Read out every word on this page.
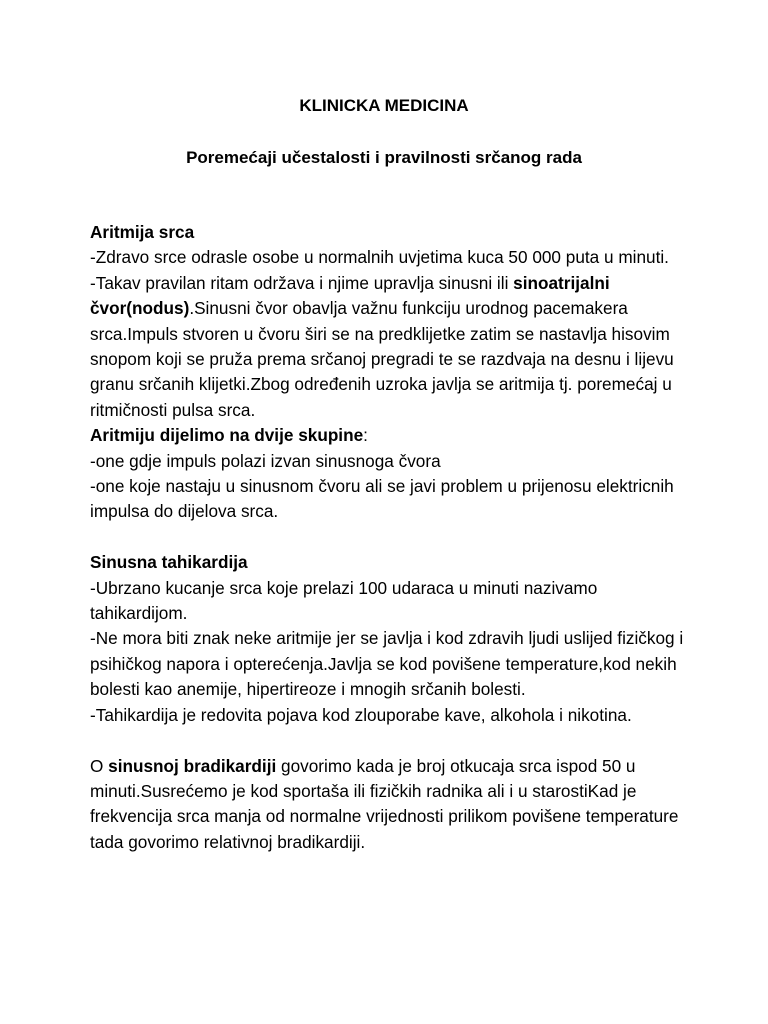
KLINICKA MEDICINA
Poremećaji učestalosti i pravilnosti srčanog rada

Aritmija srca

-Zdravo srce odrasle osobe u normalnih uvjetima kuca 50 000 puta u minuti.

-Takav pravilan ritam održava i njime upravlja sinusni ili sinoatrijalni čvor(nodus).Sinusni čvor obavlja važnu funkciju urodnog pacemakera srca.Impuls stvoren u čvoru širi se na predklijetke zatim se nastavlja hisovim snopom koji se pruža prema srčanoj pregradi te se razdvaja na desnu i lijevu granu srčanih klijetki.Zbog određenih uzroka javlja se aritmija tj. poremećaj u ritmičnosti pulsa srca.

Aritmiju dijelimo na dvije skupine:

-one gdje impuls polazi izvan sinusnoga čvora

-one koje nastaju u sinusnom čvoru ali se javi problem u prijenosu elektricnih impulsa do dijelova srca.

Sinusna tahikardija

-Ubrzano kucanje srca koje prelazi 100 udaraca u minuti nazivamo tahikardijom.

-Ne mora biti znak neke aritmije jer se javlja i kod zdravih ljudi uslijed fizičkog i psihičkog napora i opterećenja.Javlja se kod povišene temperature,kod nekih bolesti kao anemije, hipertireoze i mnogih srčanih bolesti.

-Tahikardija je redovita pojava kod zlouporabe kave, alkohola i nikotina.

O sinusnoj bradikardiji govorimo kada je broj otkucaja srca ispod 50 u minuti.Susrećemo je kod sportaša ili fizičkih radnika ali i u starostiKad je frekvencija srca manja od normalne vrijednosti prilikom povišene temperature tada govorimo relativnoj bradikardiji.
